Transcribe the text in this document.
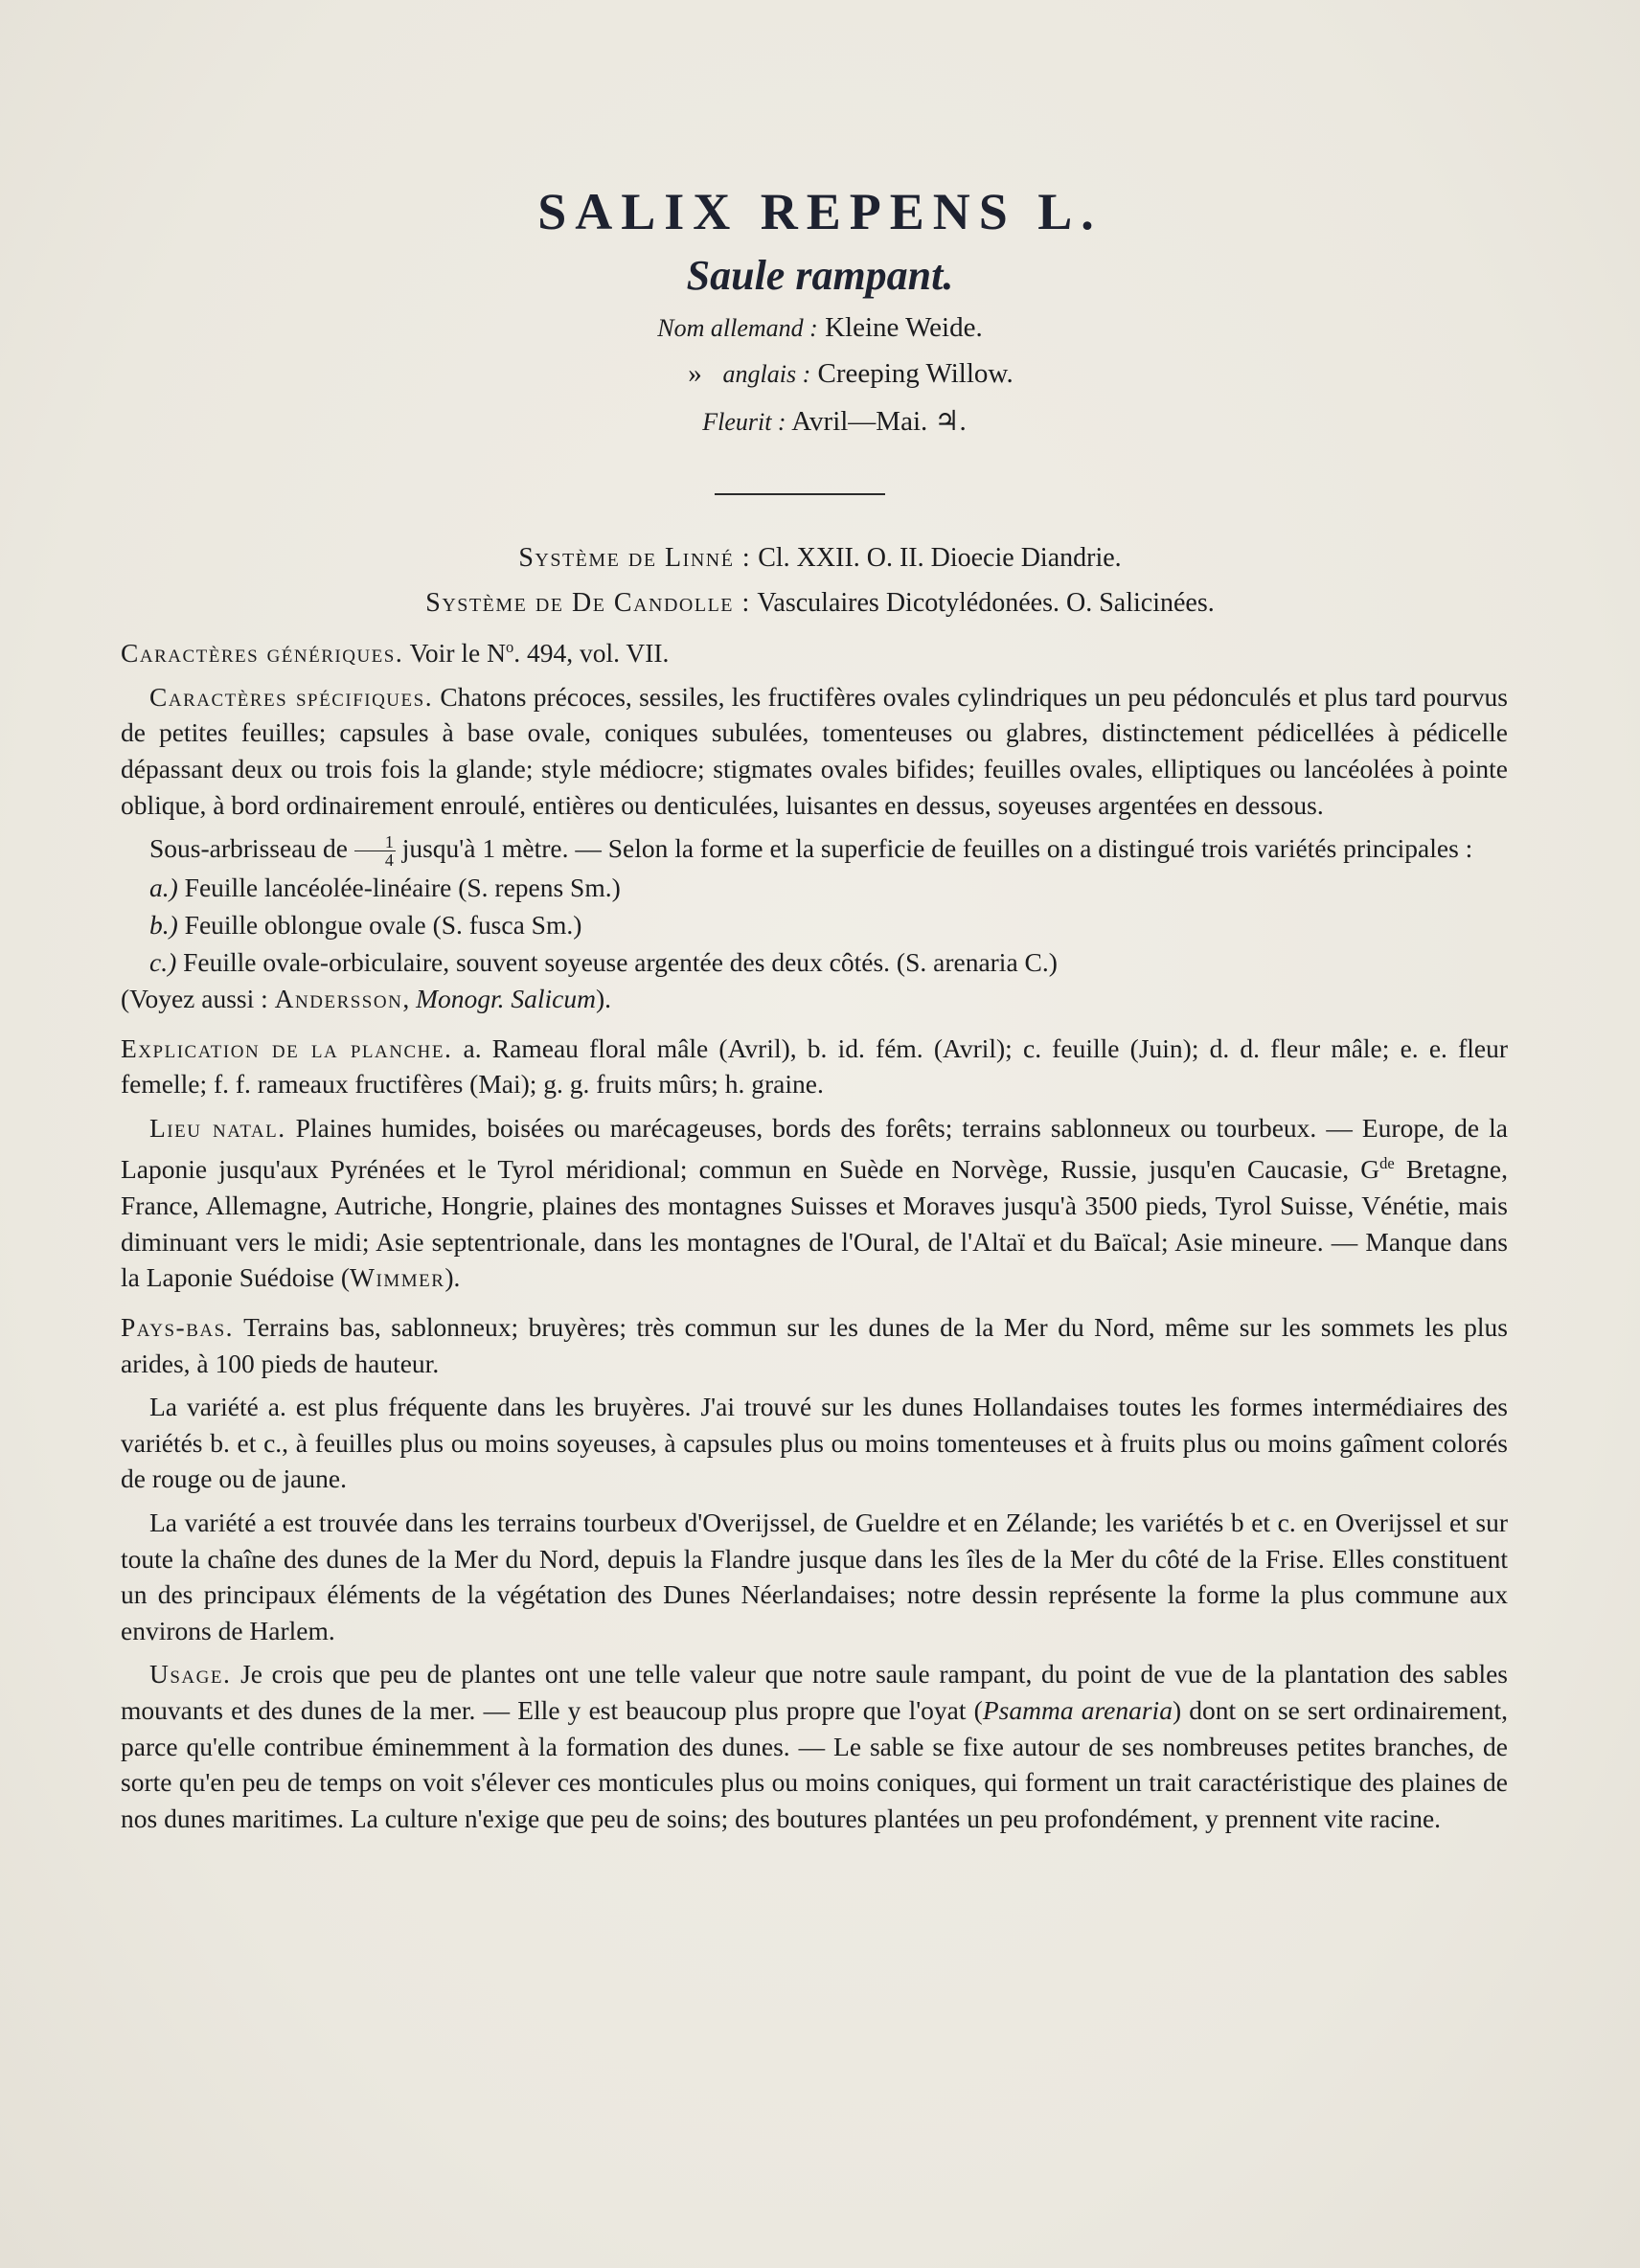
SALIX REPENS L.
Saule rampant.
Nom allemand : Kleine Weide.
» anglais : Creeping Willow.
Fleurit : Avril—Mai. ♃.
Système de Linné : Cl. XXII. O. II. Dioecie Diandrie.
Système de De Candolle : Vasculaires Dicotylédonées. O. Salicinées.

Caractères génériques. Voir le $N^o$. 494, vol. VII.

Caractères spécifiques. Chatons précoces, sessiles, les fructifères ovales cylindriques un peu pédonculés et plus tard pourvus de petites feuilles; capsules à base ovale, coniques subulées, tomenteuses ou glabres, distinctement pédicellées à pédicelle dépassant deux ou trois fois la glande; style médiocre; stigmates ovales bifides; feuilles ovales, elliptiques ou lancéolées à pointe oblique, à bord ordinairement enroulé, entières ou denticulées, luisantes en dessus, soyeuses argentées en dessous.

Sous-arbrisseau de $\frac{1}{4}$ jusqu'à 1 mètre. — Selon la forme et la superficie de feuilles on a distingué trois variétés principales :

a.) Feuille lancéolée-linéaire (S. repens Sm.)

b.) Feuille oblongue ovale (S. fusca Sm.)

c.) Feuille ovale-orbiculaire, souvent soyeuse argentée des deux côtés. (S. arenaria C.)

(Voyez aussi : Andersson, Monogr. Salicum).

Explication de la planche. a. Rameau floral mâle (Avril), b. id. fém. (Avril); c. feuille (Juin); d. d. fleur mâle; e. e. fleur femelle; f. f. rameaux fructifères (Mai); g. g. fruits mûrs; h. graine.

Lieu natal. Plaines humides, boisées ou marécageuses, bords des forêts; terrains sablonneux ou tourbeux. — Europe, de la Laponie jusqu'aux Pyrénées et le Tyrol méridional; commun en Suède en Norvège, Russie, jusqu'en Caucasie, $G^{de}$ Bretagne, France, Allemagne, Autriche, Hongrie, plaines des montagnes Suisses et Moraves jusqu'à 3500 pieds, Tyrol Suisse, Vénétie, mais diminuant vers le midi; Asie septentrionale, dans les montagnes de l'Oural, de l'Altaï et du Baïcal; Asie mineure. — Manque dans la Laponie Suédoise (Wimmer).

Pays-bas. Terrains bas, sablonneux; bruyères; très commun sur les dunes de la Mer du Nord, même sur les sommets les plus arides, à 100 pieds de hauteur.

La variété a. est plus fréquente dans les bruyères. J'ai trouvé sur les dunes Hollandaises toutes les formes intermédiaires des variétés b. et c., à feuilles plus ou moins soyeuses, à capsules plus ou moins tomenteuses et à fruits plus ou moins gaîment colorés de rouge ou de jaune.

La variété a est trouvée dans les terrains tourbeux d'Overijssel, de Gueldre et en Zélande; les variétés b et c. en Overijssel et sur toute la chaîne des dunes de la Mer du Nord, depuis la Flandre jusque dans les îles de la Mer du côté de la Frise. Elles constituent un des principaux éléments de la végétation des Dunes Néerlandaises; notre dessin représente la forme la plus commune aux environs de Harlem.

Usage. Je crois que peu de plantes ont une telle valeur que notre saule rampant, du point de vue de la plantation des sables mouvants et des dunes de la mer. — Elle y est beaucoup plus propre que l'oyat (Psamma arenaria) dont on se sert ordinairement, parce qu'elle contribue éminemment à la formation des dunes. — Le sable se fixe autour de ses nombreuses petites branches, de sorte qu'en peu de temps on voit s'élever ces monticules plus ou moins coniques, qui forment un trait caractéristique des plaines de nos dunes maritimes. La culture n'exige que peu de soins; des boutures plantées un peu profondément, y prennent vite racine.
